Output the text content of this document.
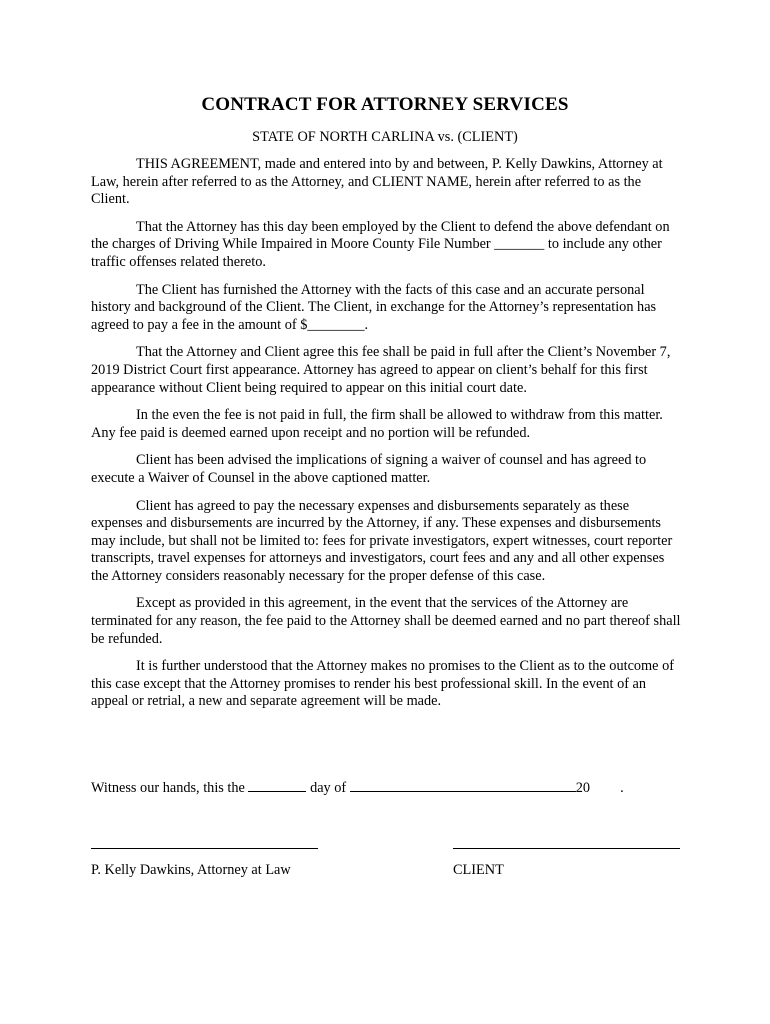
CONTRACT FOR ATTORNEY SERVICES
STATE OF NORTH CARLINA vs. (CLIENT)

THIS AGREEMENT, made and entered into by and between, P. Kelly Dawkins, Attorney at Law, herein after referred to as the Attorney, and CLIENT NAME, herein after referred to as the Client.

That the Attorney has this day been employed by the Client to defend the above defendant on the charges of Driving While Impaired in Moore County File Number _______ to include any other traffic offenses related thereto.

The Client has furnished the Attorney with the facts of this case and an accurate personal history and background of the Client. The Client, in exchange for the Attorney’s representation has agreed to pay a fee in the amount of $________.

That the Attorney and Client agree this fee shall be paid in full after the Client’s November 7, 2019 District Court first appearance. Attorney has agreed to appear on client’s behalf for this first appearance without Client being required to appear on this initial court date.

In the even the fee is not paid in full, the firm shall be allowed to withdraw from this matter. Any fee paid is deemed earned upon receipt and no portion will be refunded.

Client has been advised the implications of signing a waiver of counsel and has agreed to execute a Waiver of Counsel in the above captioned matter.

Client has agreed to pay the necessary expenses and disbursements separately as these expenses and disbursements are incurred by the Attorney, if any. These expenses and disbursements may include, but shall not be limited to: fees for private investigators, expert witnesses, court reporter transcripts, travel expenses for attorneys and investigators, court fees and any and all other expenses the Attorney considers reasonably necessary for the proper defense of this case.

Except as provided in this agreement, in the event that the services of the Attorney are terminated for any reason, the fee paid to the Attorney shall be deemed earned and no part thereof shall be refunded.

It is further understood that the Attorney makes no promises to the Client as to the outcome of this case except that the Attorney promises to render his best professional skill. In the event of an appeal or retrial, a new and separate agreement will be made.

Witness our hands, this the	day of	20 .
P. Kelly Dawkins, Attorney at Law	CLIENT
